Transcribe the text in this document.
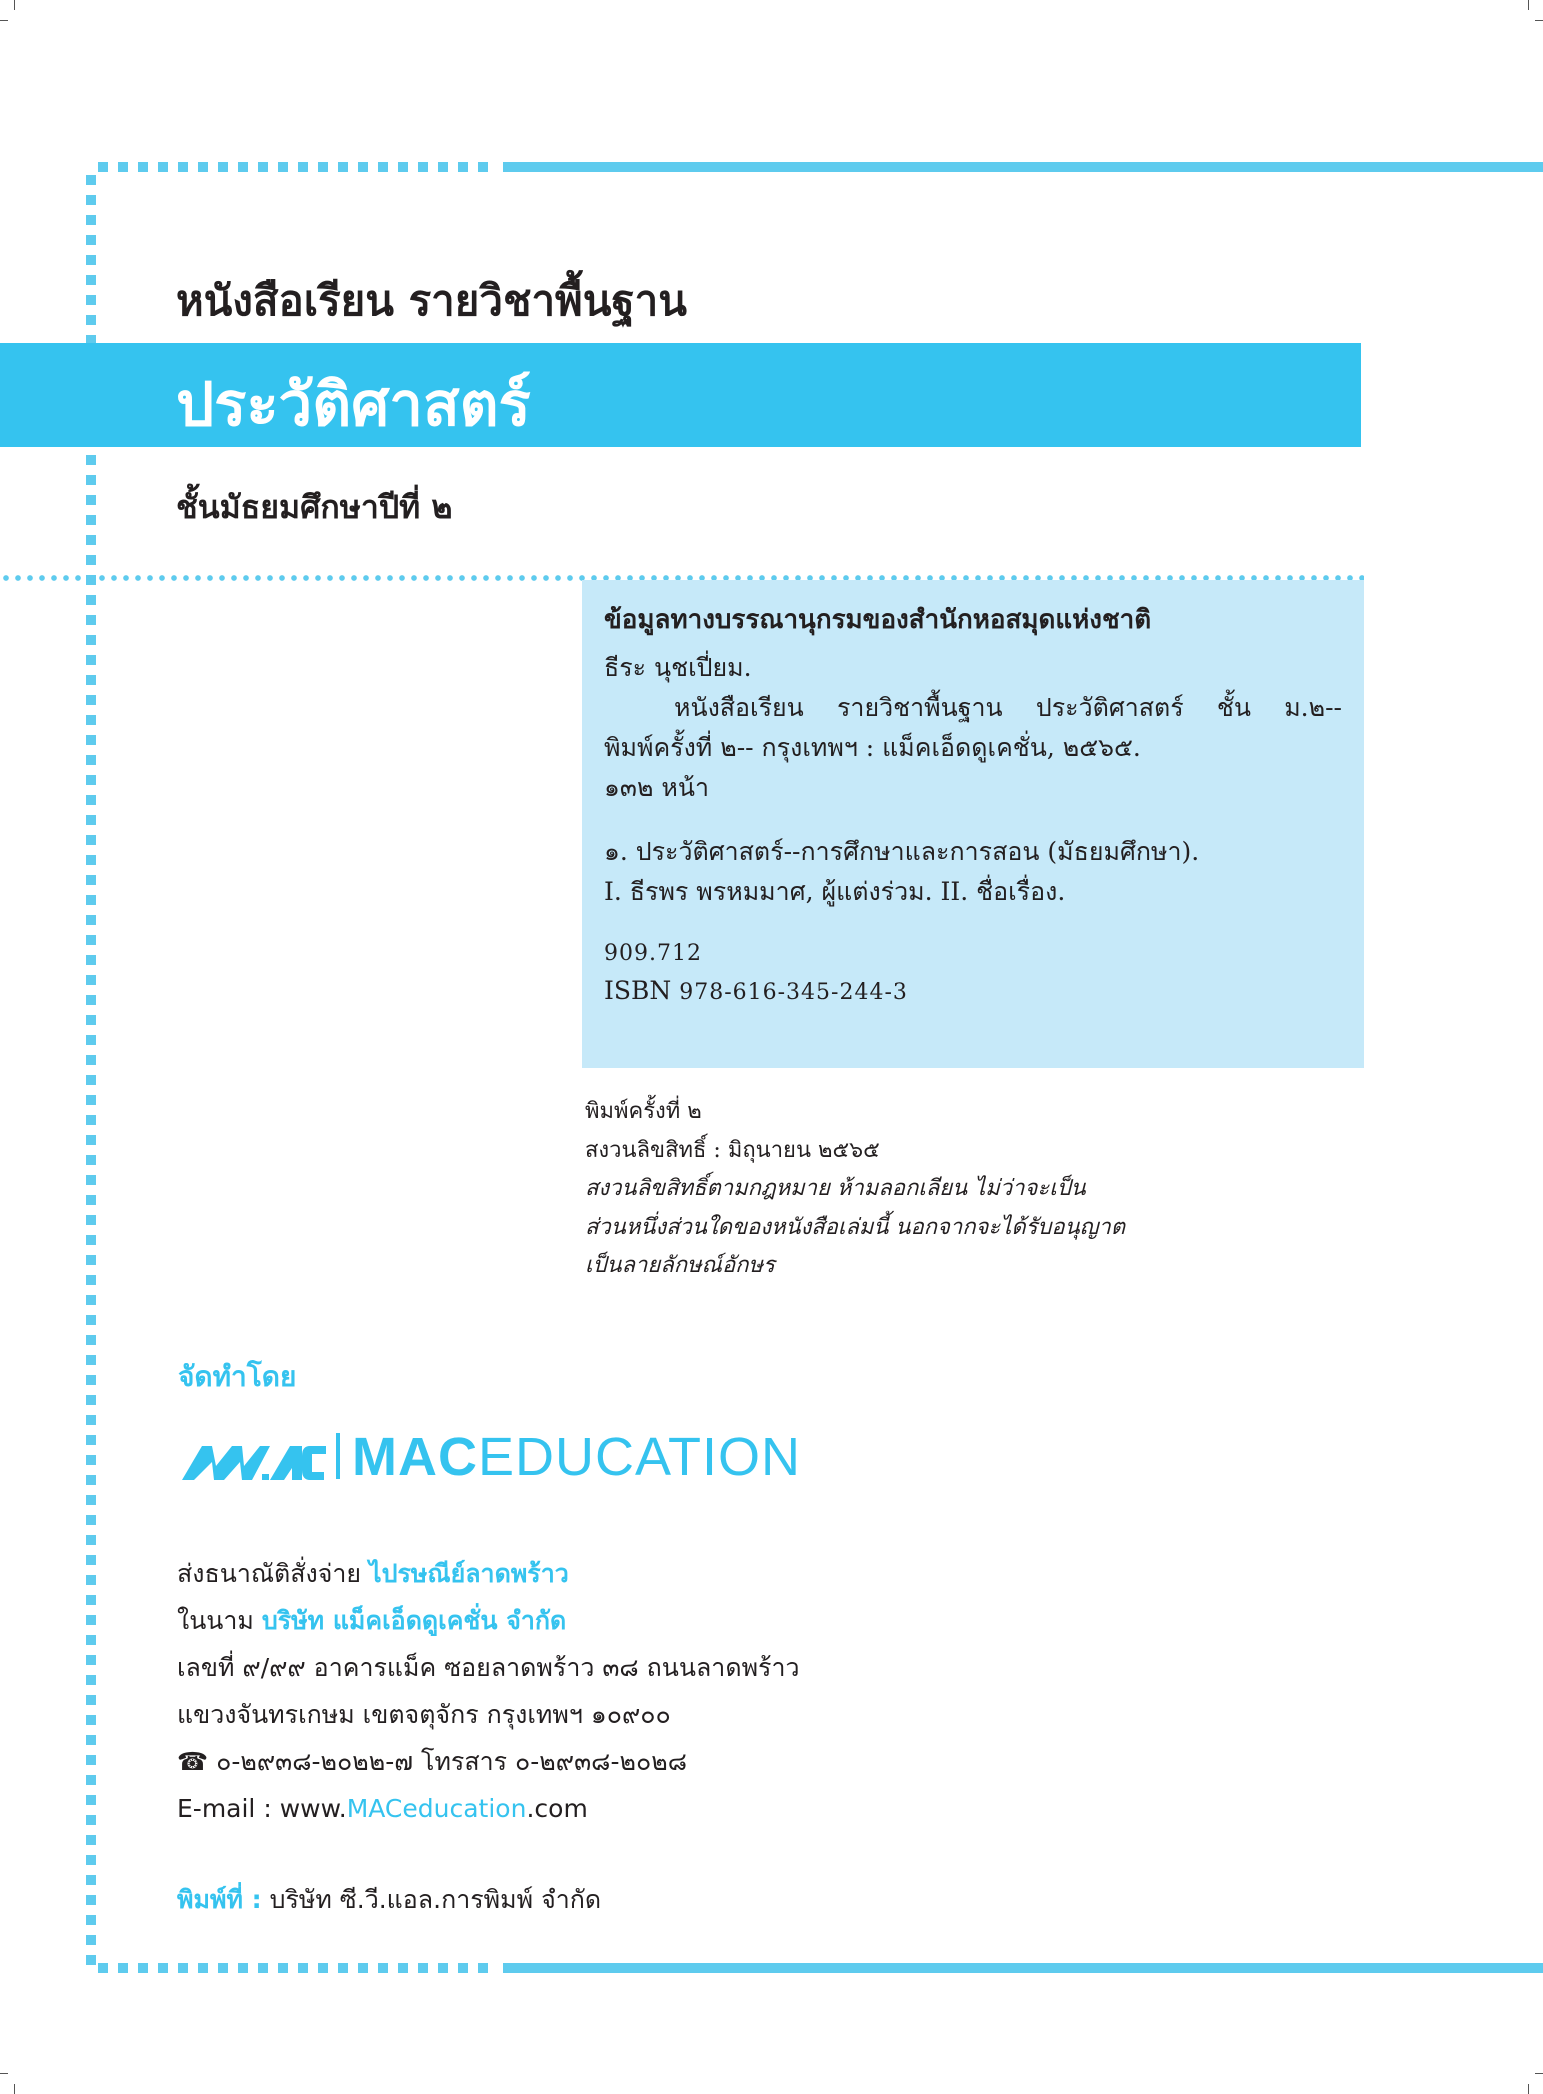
หนังสือเรียน รายวิชาพื้นฐาน
ประวัติศาสตร์
ชั้นมัธยมศึกษาปีที่ ๒
ข้อมูลทางบรรณานุกรมของสำนักหอสมุดแห่งชาติ
ธีระ นุชเปี่ยม.
หนังสือเรียน รายวิชาพื้นฐาน ประวัติศาสตร์ ชั้น ม.๒--
พิมพ์ครั้งที่ ๒-- กรุงเทพฯ : แม็คเอ็ดดูเคชั่น, ๒๕๖๕.
๑๓๒ หน้า
๑. ประวัติศาสตร์--การศึกษาและการสอน (มัธยมศึกษา).
I. ธีรพร พรหมมาศ, ผู้แต่งร่วม. II. ชื่อเรื่อง.
909.712
ISBN 978-616-345-244-3
พิมพ์ครั้งที่ ๒
สงวนลิขสิทธิ์ : มิถุนายน ๒๕๖๕
สงวนลิขสิทธิ์ตามกฎหมาย ห้ามลอกเลียน ไม่ว่าจะเป็น
ส่วนหนึ่งส่วนใดของหนังสือเล่มนี้ นอกจากจะได้รับอนุญาต
เป็นลายลักษณ์อักษร
จัดทำโดย
MACEDUCATION
ส่งธนาณัติสั่งจ่าย ไปรษณีย์ลาดพร้าว
ในนาม บริษัท แม็คเอ็ดดูเคชั่น จำกัด
เลขที่ ๙/๙๙ อาคารแม็ค ซอยลาดพร้าว ๓๘ ถนนลาดพร้าว
แขวงจันทรเกษม เขตจตุจักร กรุงเทพฯ ๑๐๙๐๐
☎ ๐-๒๙๓๘-๒๐๒๒-๗ โทรสาร ๐-๒๙๓๘-๒๐๒๘
E-mail : www.MACeducation.com
พิมพ์ที่ : บริษัท ซี.วี.แอล.การพิมพ์ จำกัด
